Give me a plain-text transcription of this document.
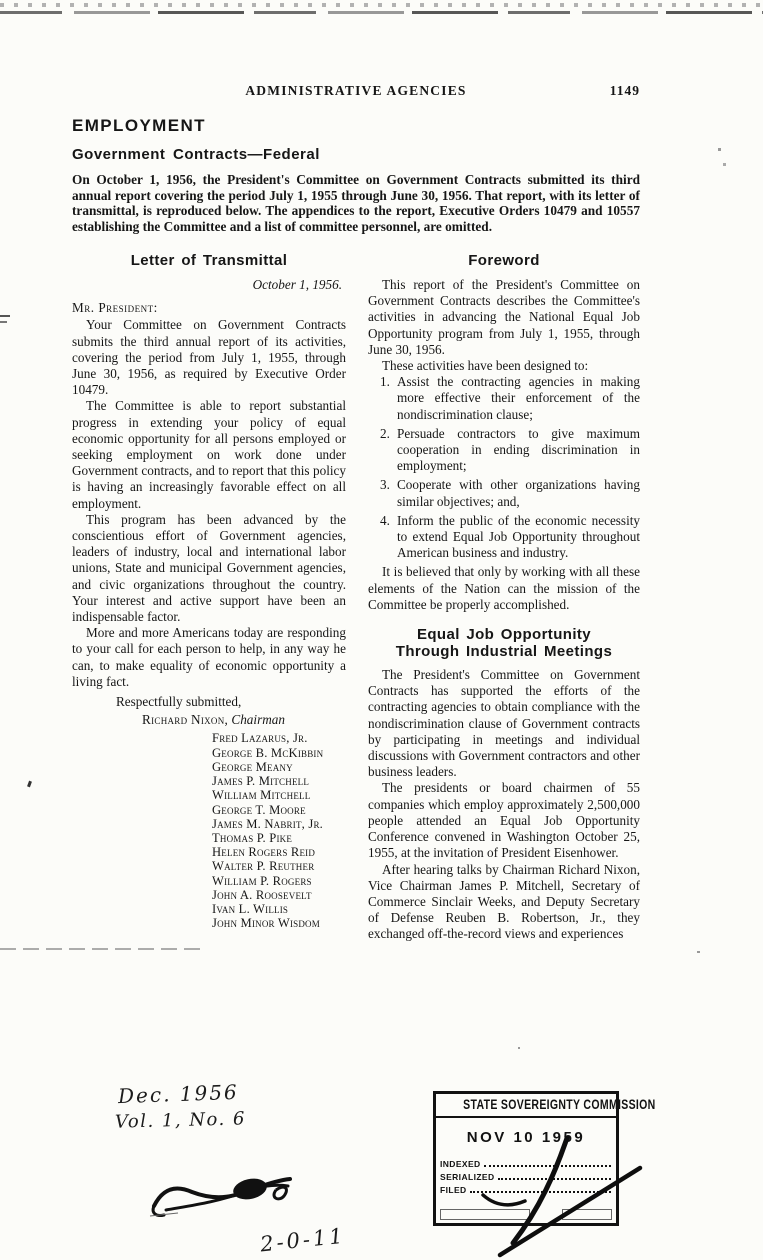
ADMINISTRATIVE AGENCIES	1149
EMPLOYMENT
Government Contracts—Federal

On October 1, 1956, the President's Committee on Government Contracts submitted its third annual report covering the period July 1, 1955 through June 30, 1956. That report, with its letter of transmittal, is reproduced below. The appendices to the report, Executive Orders 10479 and 10557 establishing the Committee and a list of committee personnel, are omitted.

Letter of Transmittal
October 1, 1956.
Mr. President:

Your Committee on Government Contracts submits the third annual report of its activities, covering the period from July 1, 1955, through June 30, 1956, as required by Executive Order 10479.

The Committee is able to report substantial progress in extending your policy of equal economic opportunity for all persons employed or seeking employment on work done under Government contracts, and to report that this policy is having an increasingly favorable effect on all employment.

This program has been advanced by the conscientious effort of Government agencies, leaders of industry, local and international labor unions, State and municipal Government agencies, and civic organizations throughout the country. Your interest and active support have been an indispensable factor.

More and more Americans today are responding to your call for each person to help, in any way he can, to make equality of economic opportunity a living fact.

Respectfully submitted,
Richard Nixon, Chairman
Fred Lazarus, Jr.
George B. McKibbin
George Meany
James P. Mitchell
William Mitchell
George T. Moore
James M. Nabrit, Jr.
Thomas P. Pike
Helen Rogers Reid
Walter P. Reuther
William P. Rogers
John A. Roosevelt
Ivan L. Willis
John Minor Wisdom
Foreword

This report of the President's Committee on Government Contracts describes the Committee's activities in advancing the National Equal Job Opportunity program from July 1, 1955, through June 30, 1956.

These activities have been designed to:

1. Assist the contracting agencies in making more effective their enforcement of the nondiscrimination clause;
2. Persuade contractors to give maximum cooperation in ending discrimination in employment;
3. Cooperate with other organizations having similar objectives; and,
4. Inform the public of the economic necessity to extend Equal Job Opportunity throughout American business and industry.

It is believed that only by working with all these elements of the Nation can the mission of the Committee be properly accomplished.

Equal Job Opportunity
Through Industrial Meetings

The President's Committee on Government Contracts has supported the efforts of the contracting agencies to obtain compliance with the nondiscrimination clause of Government contracts by participating in meetings and individual discussions with Government contractors and other business leaders.

The presidents or board chairmen of 55 companies which employ approximately 2,500,000 people attended an Equal Job Opportunity Conference convened in Washington October 25, 1955, at the invitation of President Eisenhower.

After hearing talks by Chairman Richard Nixon, Vice Chairman James P. Mitchell, Secretary of Commerce Sinclair Weeks, and Deputy Secretary of Defense Reuben B. Robertson, Jr., they exchanged off-the-record views and experiences

Dec. 1956
Vol. 1, No. 6
2-0-11
STATE SOVEREIGNTY COMMISSION
NOV 10 1959
INDEXED
SERIALIZED
FILED
